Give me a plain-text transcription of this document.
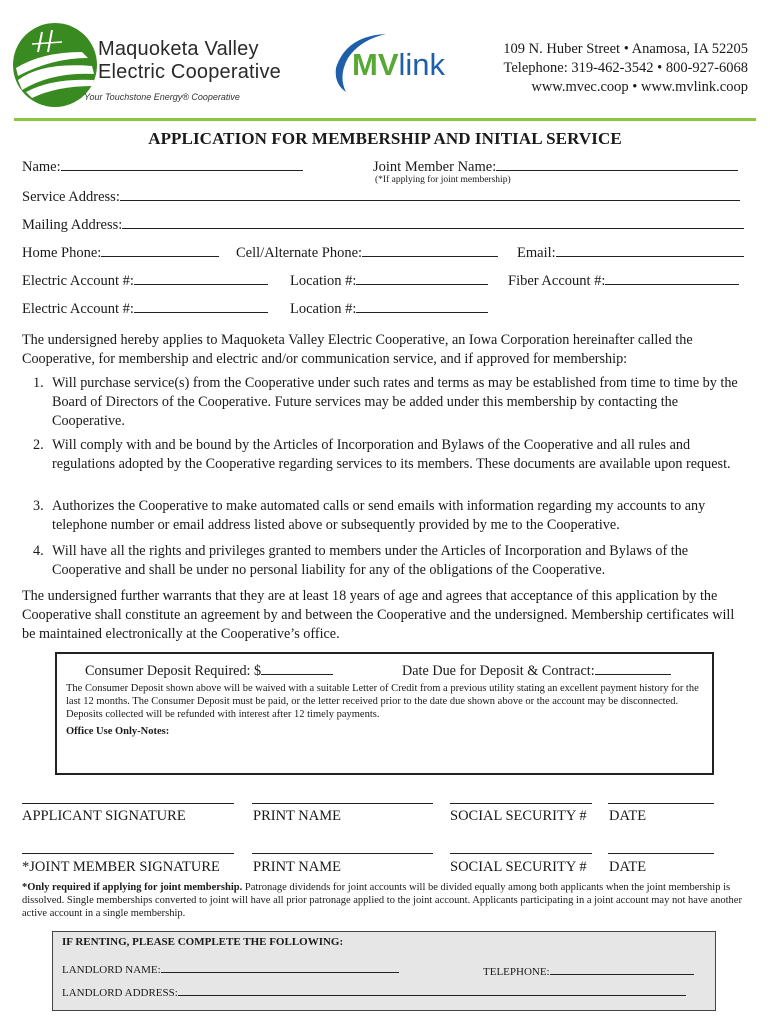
Maquoketa Valley
Electric Cooperative
Your Touchstone Energy® Cooperative
MVlink	109 N. Huber Street • Anamosa, IA 52205
Telephone: 319-462-3542 • 800-927-6068
www.mvec.coop • www.mvlink.coop
APPLICATION FOR MEMBERSHIP AND INITIAL SERVICE
Name:	Joint Member Name:
(*If applying for joint membership)
Service Address:
Mailing Address:
Home Phone:	Cell/Alternate Phone:	Email:
Electric Account #:	Location #:	Fiber Account #:
Electric Account #:	Location #:
The undersigned hereby applies to Maquoketa Valley Electric Cooperative, an Iowa Corporation hereinafter called the Cooperative, for membership and electric and/or communication service, and if approved for membership:
1. Will purchase service(s) from the Cooperative under such rates and terms as may be established from time to time by the Board of Directors of the Cooperative. Future services may be added under this membership by contacting the Cooperative.
2. Will comply with and be bound by the Articles of Incorporation and Bylaws of the Cooperative and all rules and regulations adopted by the Cooperative regarding services to its members. These documents are available upon request.
3. Authorizes the Cooperative to make automated calls or send emails with information regarding my accounts to any telephone number or email address listed above or subsequently provided by me to the Cooperative.
4. Will have all the rights and privileges granted to members under the Articles of Incorporation and Bylaws of the Cooperative and shall be under no personal liability for any of the obligations of the Cooperative.
The undersigned further warrants that they are at least 18 years of age and agrees that acceptance of this application by the Cooperative shall constitute an agreement by and between the Cooperative and the undersigned. Membership certificates will be maintained electronically at the Cooperative’s office.
Consumer Deposit Required: $	Date Due for Deposit & Contract:
The Consumer Deposit shown above will be waived with a suitable Letter of Credit from a previous utility stating an excellent payment history for the last 12 months. The Consumer Deposit must be paid, or the letter received prior to the date due shown above or the account may be disconnected. Deposits collected will be refunded with interest after 12 timely payments.
Office Use Only-Notes:
APPLICANT SIGNATURE	PRINT NAME	SOCIAL SECURITY # DATE
*JOINT MEMBER SIGNATURE PRINT NAME	SOCIAL SECURITY # DATE
*Only required if applying for joint membership. Patronage dividends for joint accounts will be divided equally among both applicants when the joint membership is dissolved. Single memberships converted to joint will have all prior patronage applied to the joint account. Applicants participating in a joint account may not have another active account in a single membership.
IF RENTING, PLEASE COMPLETE THE FOLLOWING:
LANDLORD NAME:	TELEPHONE:
LANDLORD ADDRESS:
